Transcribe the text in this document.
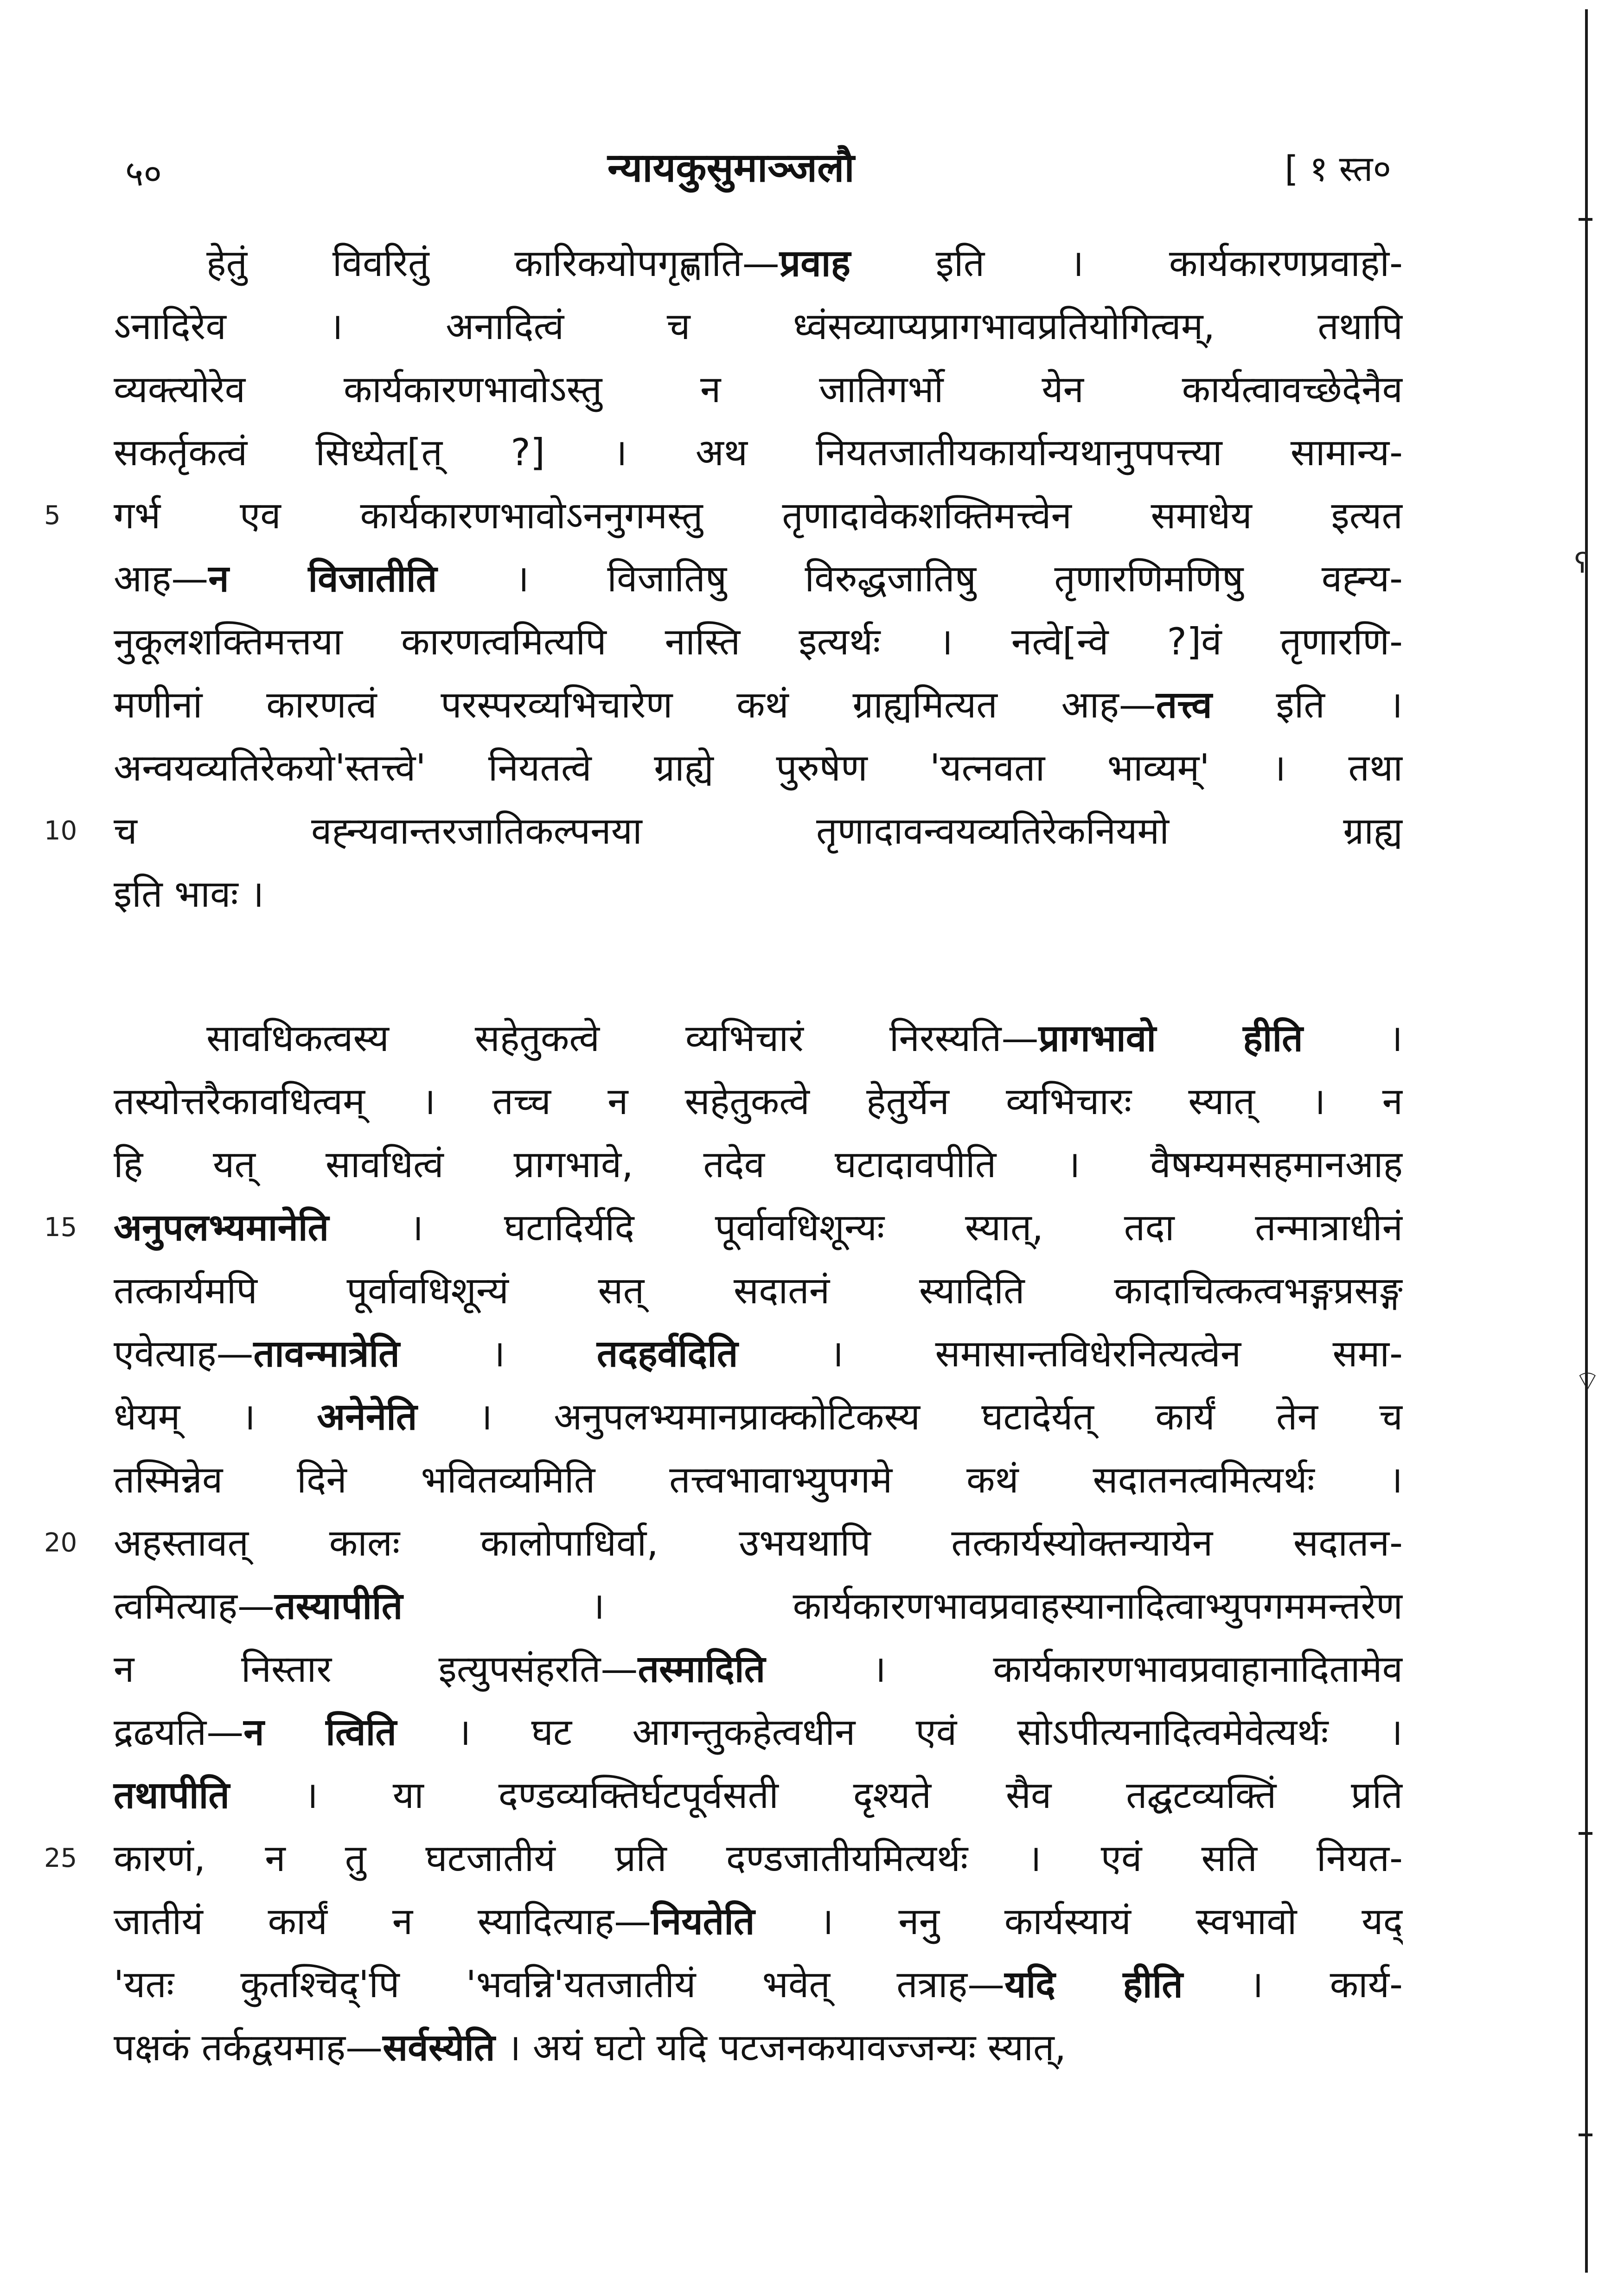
५०	न्यायकुसुमाञ्जलौ	[ १ स्त०
हेतुं विवरितुं कारिकयोपगृह्णाति—प्रवाह इति । कार्यकारणप्रवाहो-
ऽनादिरेव । अनादित्वं च ध्वंसव्याप्यप्रागभावप्रतियोगित्वम्, तथापि
व्यक्त्योरेव कार्यकारणभावोऽस्तु न जातिगर्भो येन कार्यत्वावच्छेदेनैव
सकर्तृकत्वं सिध्येत[त् ?] । अथ नियतजातीयकार्यान्यथानुपपत्त्या सामान्य-
5	गर्भ एव कार्यकारणभावोऽननुगमस्तु तृणादावेकशक्तिमत्त्वेन समाधेय इत्यत
आह—न विजातीति । विजातिषु विरुद्धजातिषु तृणारणिमणिषु वह्न्य-
नुकूलशक्तिमत्तया कारणत्वमित्यपि नास्ति इत्यर्थः । नत्वे[न्वे ?]वं तृणारणि-
मणीनां कारणत्वं परस्परव्यभिचारेण कथं ग्राह्यमित्यत आह—तत्त्व इति ।
अन्वयव्यतिरेकयो'स्तत्त्वे' नियतत्वे ग्राह्ये पुरुषेण 'यत्नवता भाव्यम्' । तथा
10 च वह्न्यवान्तरजातिकल्पनया तृणादावन्वयव्यतिरेकनियमो ग्राह्य
इति भावः ।
सावधिकत्वस्य सहेतुकत्वे व्यभिचारं निरस्यति—प्रागभावो हीति ।
तस्योत्तरैकावधित्वम् । तच्च न सहेतुकत्वे हेतुर्येन व्यभिचारः स्यात् । न
हि यत् सावधित्वं प्रागभावे, तदेव घटादावपीति । वैषम्यमसहमानआह
15 अनुपलभ्यमानेति । घटादिर्यदि पूर्वावधिशून्यः स्यात्, तदा तन्मात्राधीनं
तत्कार्यमपि पूर्वावधिशून्यं सत् सदातनं स्यादिति कादाचित्कत्वभङ्गप्रसङ्ग
एवेत्याह—तावन्मात्रेति । तदहर्वदिति । समासान्तविधेरनित्यत्वेन समा-
धेयम् । अनेनेति । अनुपलभ्यमानप्राक्कोटिकस्य घटादेर्यत् कार्यं तेन च
तस्मिन्नेव दिने भवितव्यमिति तत्त्वभावाभ्युपगमे कथं सदातनत्वमित्यर्थः ।
20 अहस्तावत् कालः कालोपाधिर्वा, उभयथापि तत्कार्यस्योक्तन्यायेन सदातन-
त्वमित्याह—तस्यापीति । कार्यकारणभावप्रवाहस्यानादित्वाभ्युपगममन्तरेण
न निस्तार इत्युपसंहरति—तस्मादिति । कार्यकारणभावप्रवाहानादितामेव
द्रढयति—न त्विति । घट आगन्तुकहेत्वधीन एवं सोऽपीत्यनादित्वमेवेत्यर्थः ।
तथापीति । या दण्डव्यक्तिर्घटपूर्वसती दृश्यते सैव तद्घटव्यक्तिं प्रति
25 कारणं, न तु घटजातीयं प्रति दण्डजातीयमित्यर्थः । एवं सति नियत-
जातीयं कार्यं न स्यादित्याह—नियतेति । ननु कार्यस्यायं स्वभावो यद्
'यतः कुतश्चिद्'पि 'भवन्नि'यतजातीयं भवेत् तत्राह—यदि हीति । कार्य-
पक्षकं तर्कद्वयमाह—सर्वस्येति । अयं घटो यदि पटजनकयावज्जन्यः स्यात्,
ʕ
⌔
